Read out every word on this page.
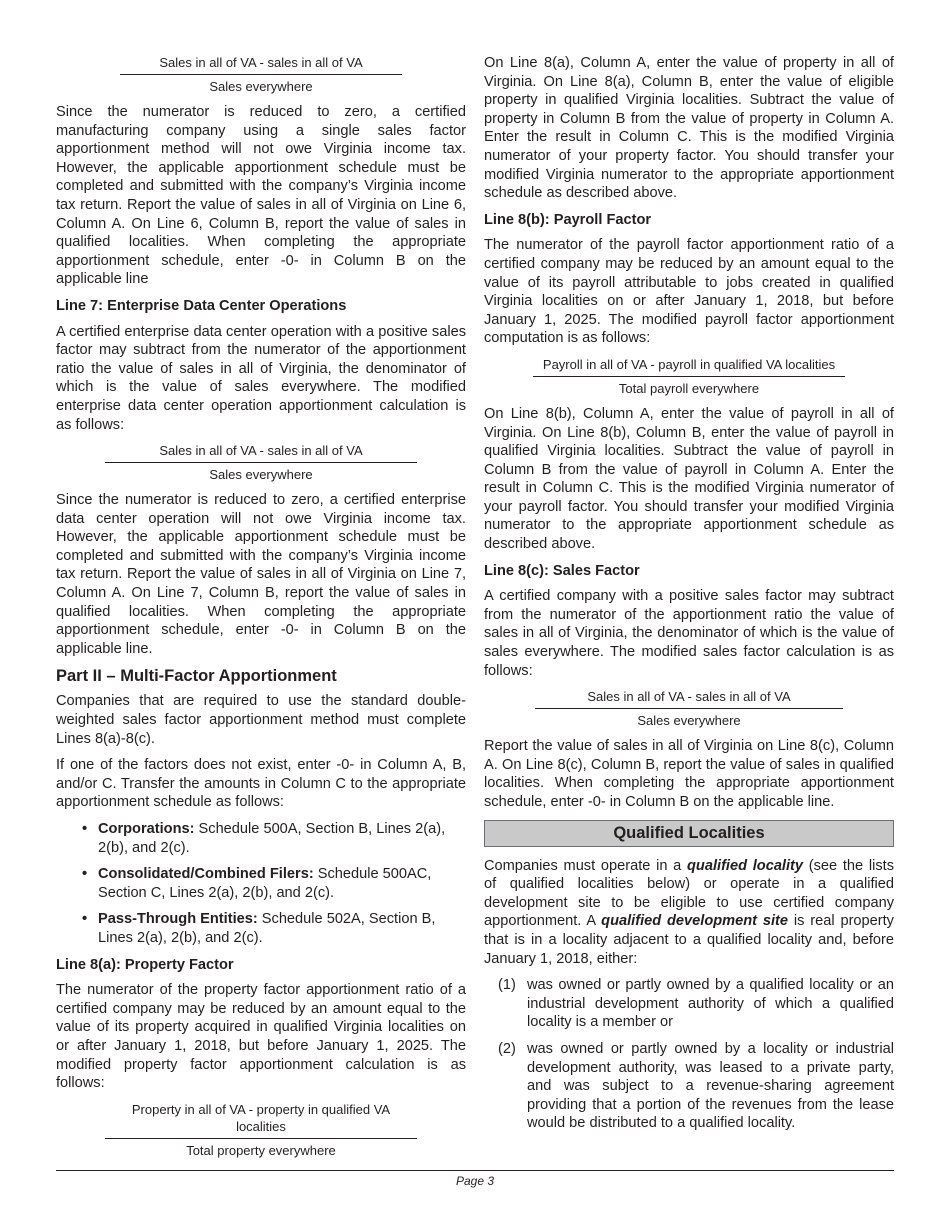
Sales in all of VA - sales in all of VA
Sales everywhere

Since the numerator is reduced to zero, a certified manufacturing company using a single sales factor apportionment method will not owe Virginia income tax. However, the applicable apportionment schedule must be completed and submitted with the company’s Virginia income tax return. Report the value of sales in all of Virginia on Line 6, Column A. On Line 6, Column B, report the value of sales in qualified localities. When completing the appropriate apportionment schedule, enter -0- in Column B on the applicable line

Line 7: Enterprise Data Center Operations

A certified enterprise data center operation with a positive sales factor may subtract from the numerator of the apportionment ratio the value of sales in all of Virginia, the denominator of which is the value of sales everywhere. The modified enterprise data center operation apportionment calculation is as follows:

Sales in all of VA - sales in all of VA
Sales everywhere

Since the numerator is reduced to zero, a certified enterprise data center operation will not owe Virginia income tax. However, the applicable apportionment schedule must be completed and submitted with the company’s Virginia income tax return. Report the value of sales in all of Virginia on Line 7, Column A. On Line 7, Column B, report the value of sales in qualified localities. When completing the appropriate apportionment schedule, enter -0- in Column B on the applicable line.

Part II – Multi-Factor Apportionment

Companies that are required to use the standard double-weighted sales factor apportionment method must complete Lines 8(a)-8(c).

If one of the factors does not exist, enter -0- in Column A, B, and/or C. Transfer the amounts in Column C to the appropriate apportionment schedule as follows:

• Corporations: Schedule 500A, Section B, Lines 2(a), 2(b), and 2(c).
• Consolidated/Combined Filers: Schedule 500AC, Section C, Lines 2(a), 2(b), and 2(c).
• Pass-Through Entities: Schedule 502A, Section B, Lines 2(a), 2(b), and 2(c).
Line 8(a): Property Factor

The numerator of the property factor apportionment ratio of a certified company may be reduced by an amount equal to the value of its property acquired in qualified Virginia localities on or after January 1, 2018, but before January 1, 2025. The modified property factor apportionment calculation is as follows:

Property in all of VA - property in qualified VA localities
Total property everywhere

On Line 8(a), Column A, enter the value of property in all of Virginia. On Line 8(a), Column B, enter the value of eligible property in qualified Virginia localities. Subtract the value of property in Column B from the value of property in Column A. Enter the result in Column C. This is the modified Virginia numerator of your property factor. You should transfer your modified Virginia numerator to the appropriate apportionment schedule as described above.

Line 8(b): Payroll Factor

The numerator of the payroll factor apportionment ratio of a certified company may be reduced by an amount equal to the value of its payroll attributable to jobs created in qualified Virginia localities on or after January 1, 2018, but before January 1, 2025. The modified payroll factor apportionment computation is as follows:

Payroll in all of VA - payroll in qualified VA localities
Total payroll everywhere

On Line 8(b), Column A, enter the value of payroll in all of Virginia. On Line 8(b), Column B, enter the value of payroll in qualified Virginia localities. Subtract the value of payroll in Column B from the value of payroll in Column A. Enter the result in Column C. This is the modified Virginia numerator of your payroll factor. You should transfer your modified Virginia numerator to the appropriate apportionment schedule as described above.

Line 8(c): Sales Factor

A certified company with a positive sales factor may subtract from the numerator of the apportionment ratio the value of sales in all of Virginia, the denominator of which is the value of sales everywhere. The modified sales factor calculation is as follows:

Sales in all of VA - sales in all of VA
Sales everywhere

Report the value of sales in all of Virginia on Line 8(c), Column A. On Line 8(c), Column B, report the value of sales in qualified localities. When completing the appropriate apportionment schedule, enter -0- in Column B on the applicable line.

Qualified Localities

Companies must operate in a qualified locality (see the lists of qualified localities below) or operate in a qualified development site to be eligible to use certified company apportionment. A qualified development site is real property that is in a locality adjacent to a qualified locality and, before January 1, 2018, either:

(1) was owned or partly owned by a qualified locality or an industrial development authority of which a qualified locality is a member or
(2) was owned or partly owned by a locality or industrial development authority, was leased to a private party, and was subject to a revenue-sharing agreement providing that a portion of the revenues from the lease would be distributed to a qualified locality.
Page 3
